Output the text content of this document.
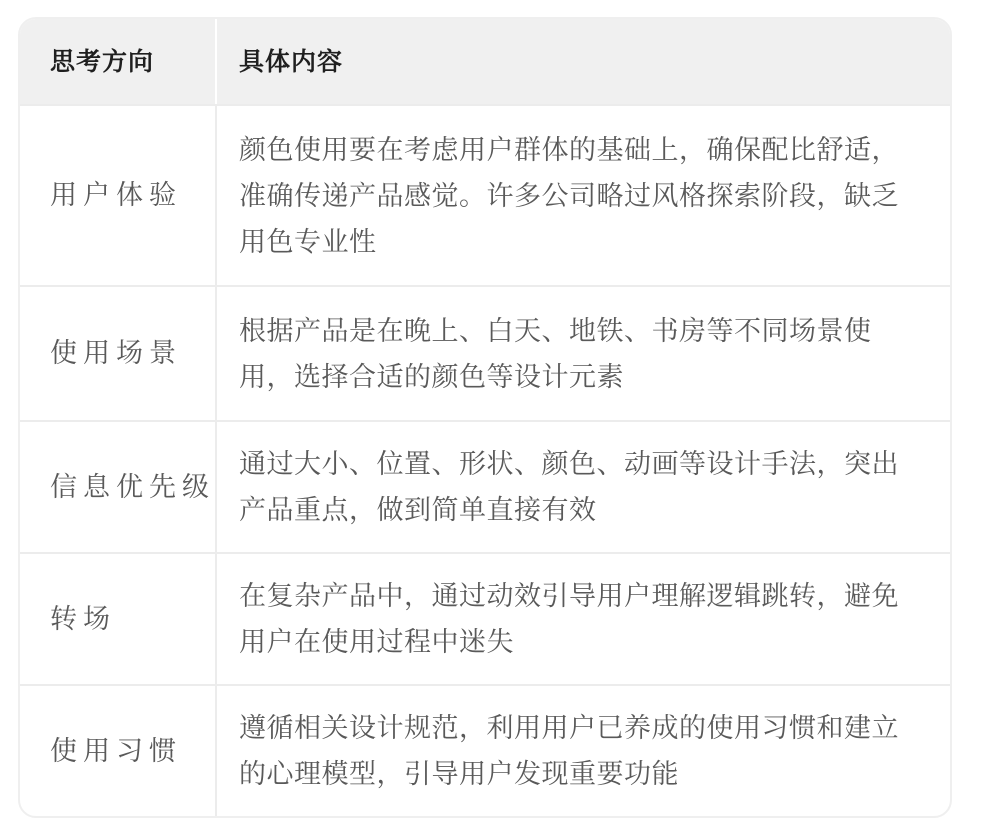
思考方向	具体内容
用户体验
颜色使用要在考虑用户群体的基础上，确保配比舒适，准确传递产品感觉。许多公司略过风格探索阶段，缺乏用色专业性
使用场景
根据产品是在晚上、白天、地铁、书房等不同场景使用，选择合适的颜色等设计元素
信息优先级
通过大小、位置、形状、颜色、动画等设计手法，突出产品重点，做到简单直接有效
转场
在复杂产品中，通过动效引导用户理解逻辑跳转，避免用户在使用过程中迷失
使用习惯
遵循相关设计规范，利用用户已养成的使用习惯和建立的心理模型，引导用户发现重要功能
